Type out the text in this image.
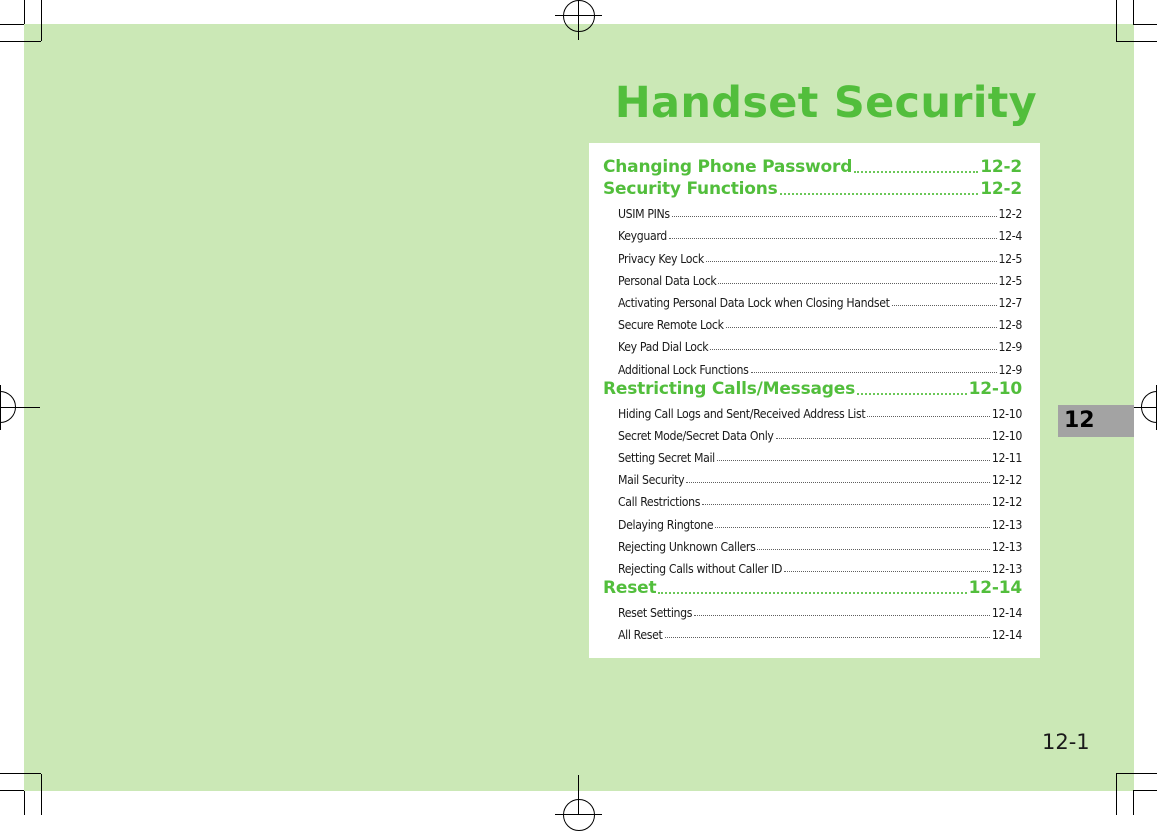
Handset Security
Changing Phone Password	12-2
Security Functions	12-2
USIM PINs	12-2
Keyguard	12-4
Privacy Key Lock	12-5
Personal Data Lock	12-5
Activating Personal Data Lock when Closing Handset	12-7
Secure Remote Lock	12-8
Key Pad Dial Lock	12-9
Additional Lock Functions	12-9
Restricting Calls/Messages	12-10
Hiding Call Logs and Sent/Received Address List	12-10
Secret Mode/Secret Data Only	12-10
Setting Secret Mail	12-11
Mail Security	12-12
Call Restrictions	12-12
Delaying Ringtone	12-13
Rejecting Unknown Callers	12-13
Rejecting Calls without Caller ID	12-13
Reset	12-14
Reset Settings	12-14
All Reset	12-14
12
12-1
